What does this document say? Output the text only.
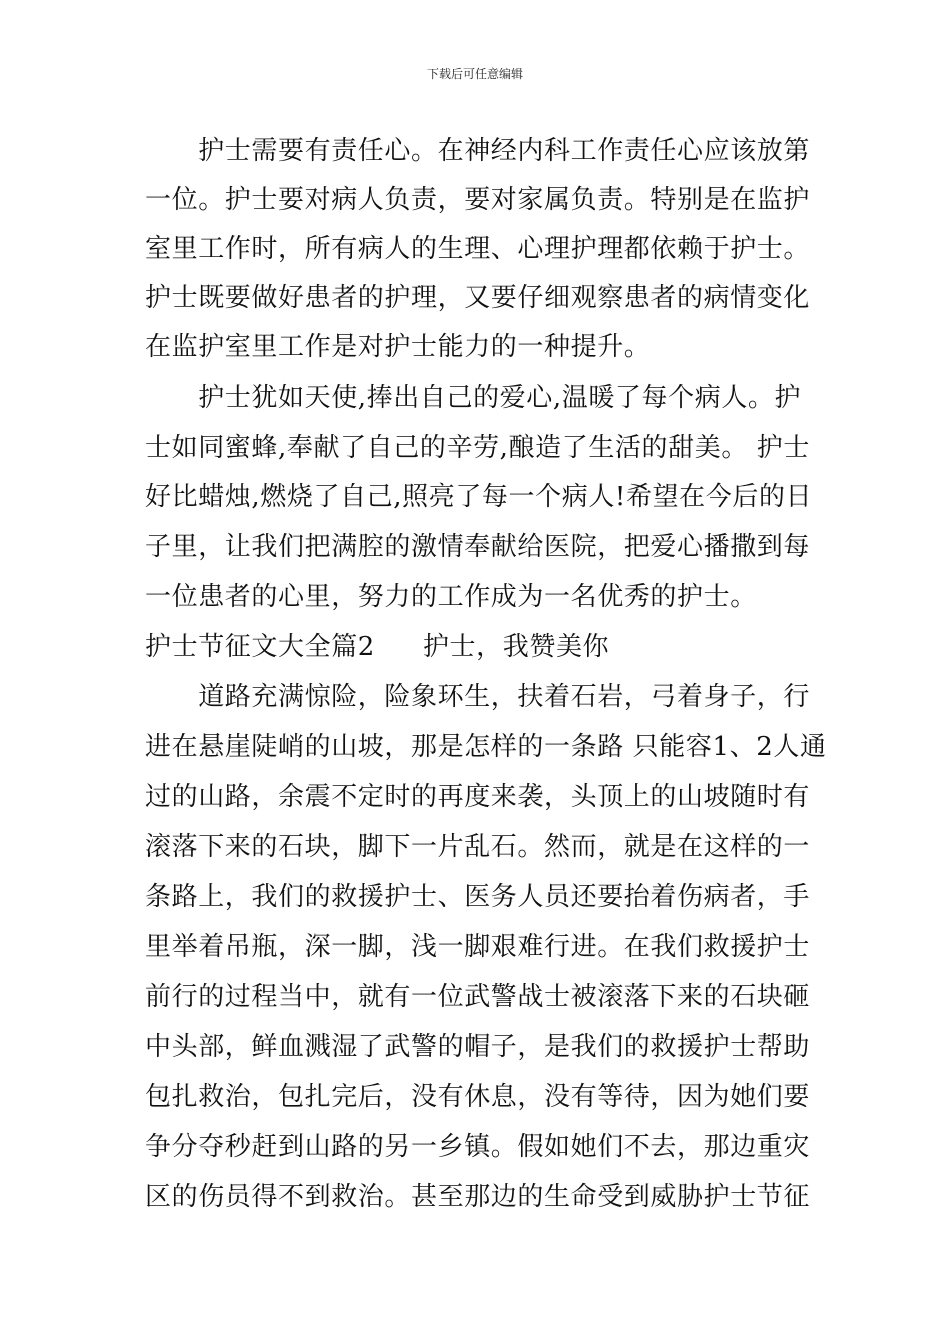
下载后可任意编辑
　　护士需要有责任心。在神经内科工作责任心应该放第
一位。护士要对病人负责，要对家属负责。特别是在监护
室里工作时，所有病人的生理、心理护理都依赖于护士。
护士既要做好患者的护理，又要仔细观察患者的病情变化
在监护室里工作是对护士能力的一种提升。
　　护士犹如天使,捧出自己的爱心,温暖了每个病人。护
士如同蜜蜂,奉献了自己的辛劳,酿造了生活的甜美。 护士
好比蜡烛,燃烧了自己,照亮了每一个病人!希望在今后的日
子里，让我们把满腔的激情奉献给医院，把爱心播撒到每
一位患者的心里，努力的工作成为一名优秀的护士。
护士节征文大全篇2 护士，我赞美你
　　道路充满惊险，险象环生，扶着石岩，弓着身子，行
进在悬崖陡峭的山坡，那是怎样的一条路 只能容1、2人通
过的山路，余震不定时的再度来袭，头顶上的山坡随时有
滚落下来的石块，脚下一片乱石。然而，就是在这样的一
条路上，我们的救援护士、医务人员还要抬着伤病者，手
里举着吊瓶，深一脚，浅一脚艰难行进。在我们救援护士
前行的过程当中，就有一位武警战士被滚落下来的石块砸
中头部，鲜血溅湿了武警的帽子，是我们的救援护士帮助
包扎救治，包扎完后，没有休息，没有等待，因为她们要
争分夺秒赶到山路的另一乡镇。假如她们不去，那边重灾
区的伤员得不到救治。甚至那边的生命受到威胁护士节征
